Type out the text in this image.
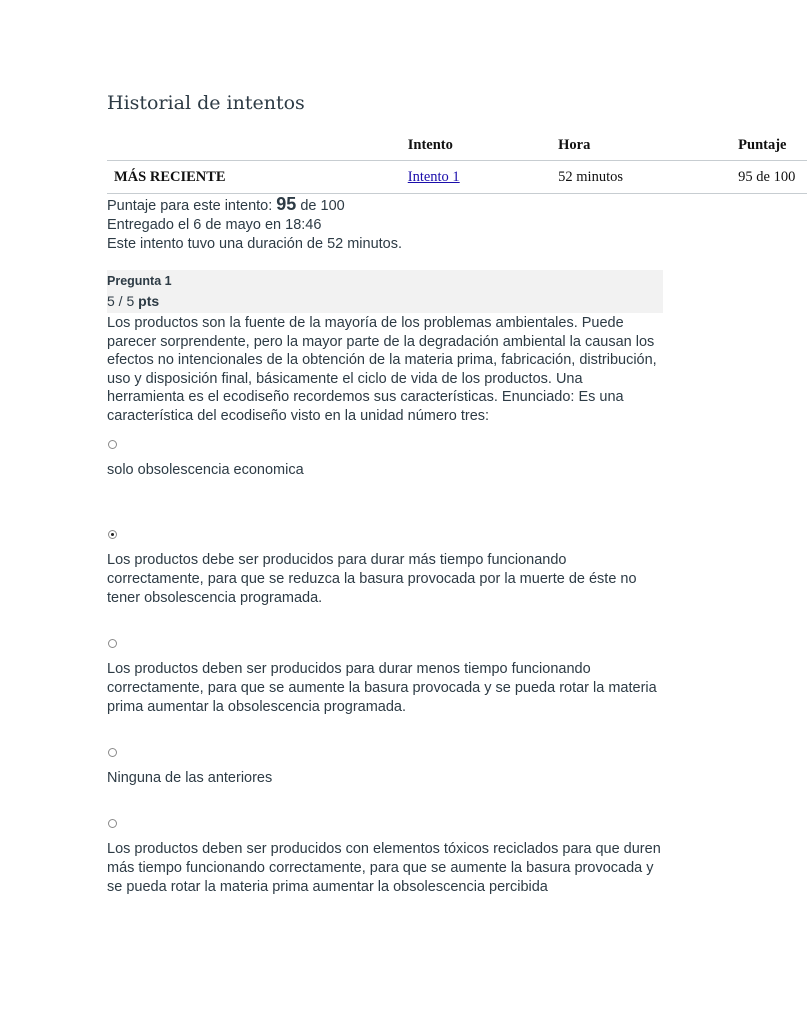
Historial de intentos
	Intento	Hora	Puntaje
MÁS RECIENTE	Intento 1	52 minutos	95 de 100
Puntaje para este intento: 95 de 100
Entregado el 6 de mayo en 18:46
Este intento tuvo una duración de 52 minutos.
Pregunta 1
5 / 5 pts

Los productos son la fuente de la mayoría de los problemas ambientales. Puede parecer sorprendente, pero la mayor parte de la degradación ambiental la causan los efectos no intencionales de la obtención de la materia prima, fabricación, distribución, uso y disposición final, básicamente el ciclo de vida de los productos. Una herramienta es el ecodiseño recordemos sus características. Enunciado: Es una característica del ecodiseño visto en la unidad número tres:

solo obsolescencia economica

Los productos debe ser producidos para durar más tiempo funcionando correctamente, para que se reduzca la basura provocada por la muerte de éste no tener obsolescencia programada.

Los productos deben ser producidos para durar menos tiempo funcionando correctamente, para que se aumente la basura provocada y se pueda rotar la materia prima aumentar la obsolescencia programada.

Ninguna de las anteriores

Los productos deben ser producidos con elementos tóxicos reciclados para que duren más tiempo funcionando correctamente, para que se aumente la basura provocada y se pueda rotar la materia prima aumentar la obsolescencia percibida
